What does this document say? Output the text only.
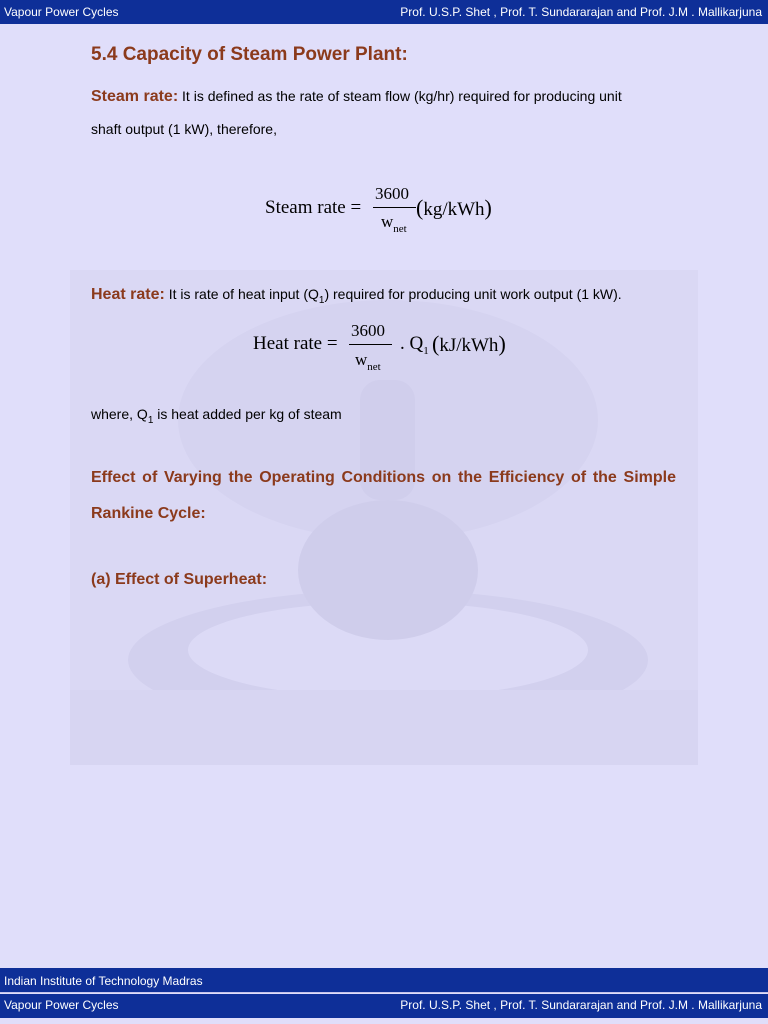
Vapour Power Cycles	Prof. U.S.P. Shet , Prof. T. Sundararajan and Prof. J.M . Mallikarjuna
5.4 Capacity of Steam Power Plant:
Steam rate: It is defined as the rate of steam flow (kg/hr) required for producing unit
shaft output (1 kW), therefore,
Steam rate =
3600
$w_{net}$
(kg/kWh)
Heat rate: It is rate of heat input $(Q_1)$ required for producing unit work output (1 kW).
Heat rate =
3600
$w_{net}$
. $Q_1$ (kJ/kWh)
where, $Q_1$ is heat added per kg of steam
Effect of Varying the Operating Conditions on the Efficiency of the Simple Rankine Cycle:
(a) Effect of Superheat:
Indian Institute of Technology Madras
Vapour Power Cycles	Prof. U.S.P. Shet , Prof. T. Sundararajan and Prof. J.M . Mallikarjuna
